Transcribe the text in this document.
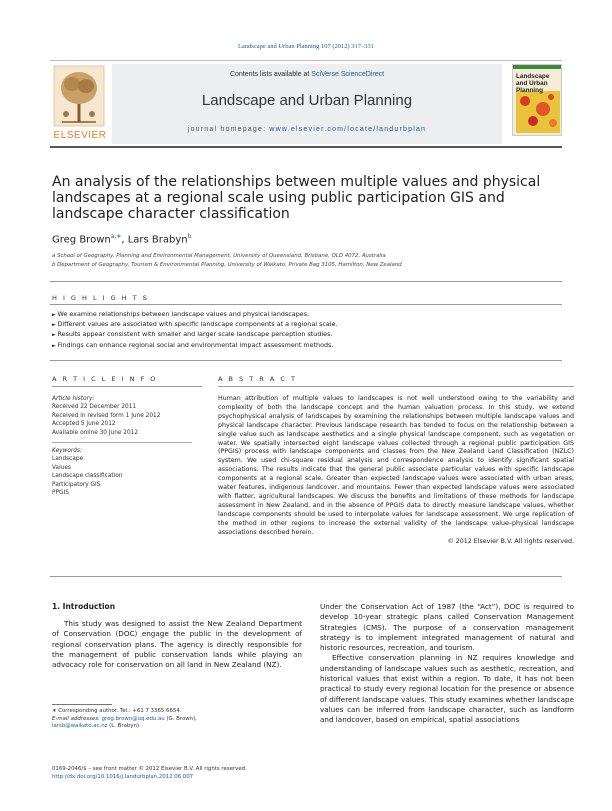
Landscape and Urban Planning 107 (2012) 317–331
ELSEVIER
Contents lists available at SciVerse ScienceDirect
Landscape and Urban Planning
journal homepage: www.elsevier.com/locate/landurbplan
Landscape and Urban Planning
An analysis of the relationships between multiple values and physical landscapes at a regional scale using public participation GIS and landscape character classification
Greg Brown$^{a,∗}$, Lars Brabyn$^b$
a School of Geography, Planning and Environmental Management, University of Queensland, Brisbane, QLD 4072, Australia
b Department of Geography, Tourism & Environmental Planning, University of Waikato, Private Bag 3105, Hamilton, New Zealand
H I G H L I G H T S
► We examine relationships between landscape values and physical landscapes.
► Different values are associated with specific landscape components at a regional scale.
► Results appear consistent with smaller and larger scale landscape perception studies.
► Findings can enhance regional social and environmental impact assessment methods.
A R T I C L E I N F O	A B S T R A C T
Article history:
Received 22 December 2011
Received in revised form 1 June 2012
Accepted 5 June 2012
Available online 30 June 2012
Keywords:
Landscape
Values
Landscape classification
Participatory GIS
PPGIS
Human attribution of multiple values to landscapes is not well understood owing to the variability and complexity of both the landscape concept and the human valuation process. In this study, we extend psychophysical analysis of landscapes by examining the relationships between multiple landscape values and physical landscape character. Previous landscape research has tended to focus on the relationship between a single value such as landscape aesthetics and a single physical landscape component, such as vegetation or water. We spatially intersected eight landscape values collected through a regional public participation GIS (PPGIS) process with landscape components and classes from the New Zealand Land Classification (NZLC) system. We used chi-square residual analysis and correspondence analysis to identify significant spatial associations. The results indicate that the general public associate particular values with specific landscape components at a regional scale. Greater than expected landscape values were associated with urban areas, water features, indigenous landcover, and mountains. Fewer than expected landscape values were associated with flatter, agricultural landscapes. We discuss the benefits and limitations of these methods for landscape assessment in New Zealand, and in the absence of PPGIS data to directly measure landscape values, whether landscape components should be used to interpolate values for landscape assessment. We urge replication of the method in other regions to increase the external validity of the landscape value–physical landscape associations described herein.
© 2012 Elsevier B.V. All rights reserved.
1. Introduction
This study was designed to assist the New Zealand Department of Conservation (DOC) engage the public in the development of regional conservation plans. The agency is directly responsible for the management of public conservation lands while playing an advocacy role for conservation on all land in New Zealand (NZ).

Under the Conservation Act of 1987 (the “Act”), DOC is required to develop 10-year strategic plans called Conservation Management Strategies (CMS). The purpose of a conservation management strategy is to implement integrated management of natural and historic resources, recreation, and tourism.

Effective conservation planning in NZ requires knowledge and understanding of landscape values such as aesthetic, recreation, and historical values that exist within a region. To date, it has not been practical to study every regional location for the presence or absence of different landscape values. This study examines whether landscape values can be inferred from landscape character, such as landform and landcover, based on empirical, spatial associations

∗ Corresponding author. Tel.: +61 7 3365 6654.
E-mail addresses: greg.brown@uq.edu.au (G. Brown),
larsb@waikato.ac.nz (L. Brabyn).
0169-2046/$ – see front matter © 2012 Elsevier B.V. All rights reserved.
http://dx.doi.org/10.1016/j.landurbplan.2012.06.007
